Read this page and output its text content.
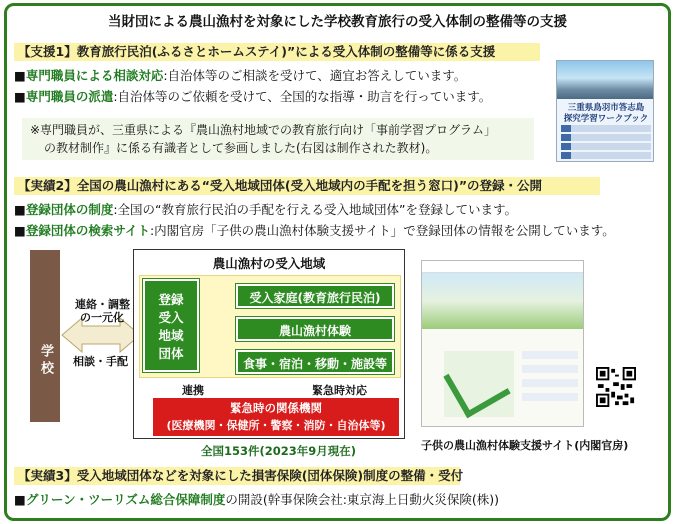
当財団による農山漁村を対象にした学校教育旅行の受入体制の整備等の支援
【支援1】教育旅行民泊(ふるさとホームステイ)”による受入体制の整備等に係る支援
■専門職員による相談対応:自治体等のご相談を受けて、適宜お答えしています。
■専門職員の派遣:自治体等のご依頼を受けて、全国的な指導・助言を行っています。

※専門職員が、三重県による『農山漁村地域での教育旅行向け「事前学習プログラム」

の教材制作』に係る有識者として参画しました(右図は制作された教材)。

三重県鳥羽市答志島
探究学習ワークブック
【実績2】全国の農山漁村にある“受入地域団体(受入地域内の手配を担う窓口)”の登録・公開
■登録団体の制度:全国の“教育旅行民泊の手配を行える受入地域団体”を登録しています。
■登録団体の検索サイト:内閣官房「子供の農山漁村体験支援サイト」で登録団体の情報を公開しています。
学校
連絡・調整
の一元化
相談・手配
農山漁村の受入地域
登録受入地域団体
受入家庭(教育旅行民泊)
農山漁村体験
食事・宿泊・移動・施設等
連携	緊急時対応
緊急時の関係機関
(医療機関・保健所・警察・消防・自治体等)
全国153件(2023年9月現在)	子供の農山漁村体験支援サイト(内閣官房)
【実績3】受入地域団体などを対象にした損害保険(団体保険)制度の整備・受付
■グリーン・ツーリズム総合保障制度の開設(幹事保険会社:東京海上日動火災保険(株))
